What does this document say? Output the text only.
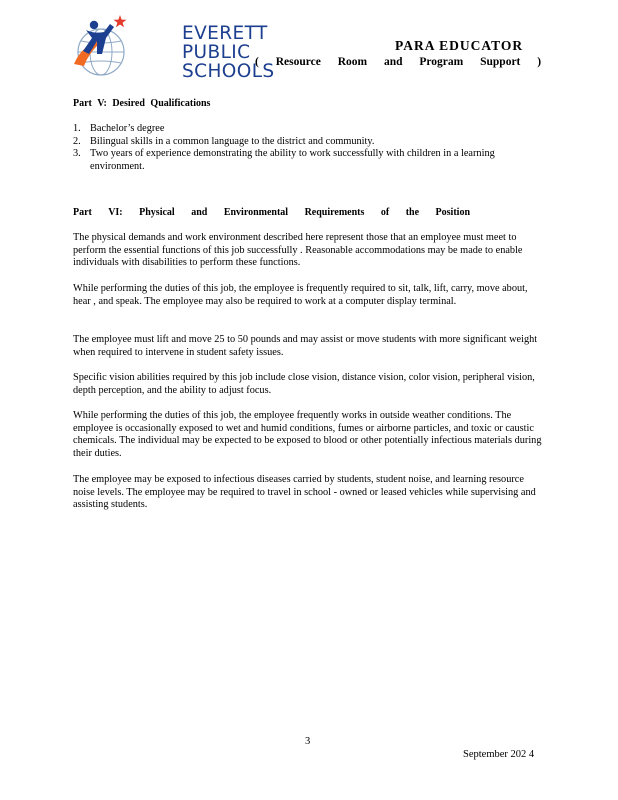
EVERETT
PUBLIC
SCHOOLS
PARA EDUCATOR
( Resource Room and Program Support )
Part V: Desired Qualifications
1. Bachelor’s degree
2. Bilingual skills in a common language to the district and community.
3. Two years of experience demonstrating the ability to work successfully with children in a learning environment.
Part VI: Physical and Environmental Requirements of the Position

The physical demands and work environment described here represent those that an employee must meet to perform the essential functions of this job successfully . Reasonable accommodations may be made to enable individuals with disabilities to perform these functions.

While performing the duties of this job, the employee is frequently required to sit, talk, lift, carry, move about, hear , and speak. The employee may also be required to work at a computer display terminal.

The employee must lift and move 25 to 50 pounds and may assist or move students with more significant weight when required to intervene in student safety issues.

Specific vision abilities required by this job include close vision, distance vision, color vision, peripheral vision, depth perception, and the ability to adjust focus.

While performing the duties of this job, the employee frequently works in outside weather conditions. The employee is occasionally exposed to wet and humid conditions, fumes or airborne particles, and toxic or caustic chemicals. The individual may be expected to be exposed to blood or other potentially infectious materials during their duties.

The employee may be exposed to infectious diseases carried by students, student noise, and learning resource noise levels. The employee may be required to travel in school - owned or leased vehicles while supervising and assisting students.

3
September 202 4
